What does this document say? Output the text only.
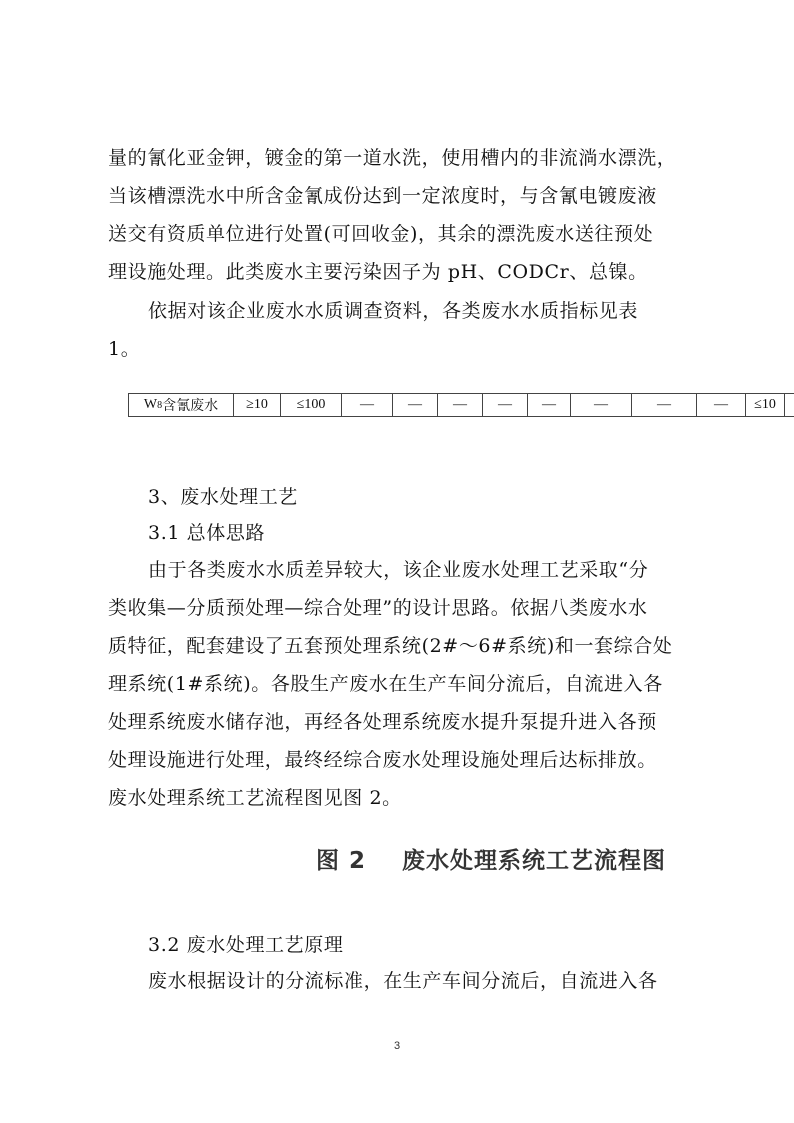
量的氰化亚金钾，镀金的第一道水洗，使用槽内的非流淌水漂洗，
当该槽漂洗水中所含金氰成份达到一定浓度时，与含氰电镀废液
送交有资质单位进行处置(可回收金)，其余的漂洗废水送往预处
理设施处理。此类废水主要污染因子为 pH、CODCr、总镍。
依据对该企业废水水质调查资料，各类废水水质指标见表
1。
W 8 含氰废水	≥10	≤100	—	—	—	—	—	—	—	—	≤10
3、废水处理工艺
3.1 总体思路
由于各类废水水质差异较大，该企业废水处理工艺采取“分
类收集—分质预处理—综合处理”的设计思路。依据八类废水水
质特征，配套建设了五套预处理系统(2#～6#系统)和一套综合处
理系统(1#系统)。各股生产废水在生产车间分流后，自流进入各
处理系统废水储存池，再经各处理系统废水提升泵提升进入各预
处理设施进行处理，最终经综合废水处理设施处理后达标排放。
废水处理系统工艺流程图见图 2。
图 2    废水处理系统工艺流程图
3.2 废水处理工艺原理
废水根据设计的分流标准，在生产车间分流后，自流进入各
3
